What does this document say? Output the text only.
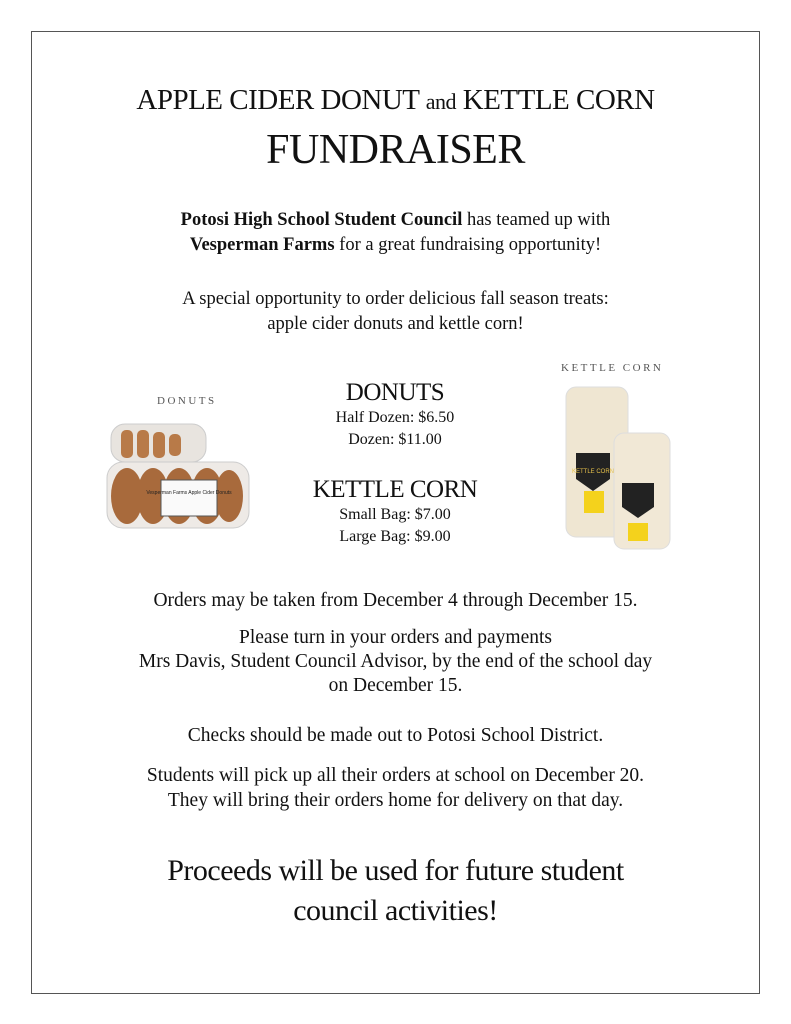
APPLE CIDER DONUT and KETTLE CORN
FUNDRAISER
Potosi High School Student Council has teamed up with
Vesperman Farms for a great fundraising opportunity!
A special opportunity to order delicious fall season treats:
apple cider donuts and kettle corn!
DONUTS
KETTLE CORN
Vesperman Farms Apple Cider Donuts
KETTLE CORN
DONUTS
Half Dozen: $6.50
Dozen: $11.00
KETTLE CORN
Small Bag: $7.00
Large Bag: $9.00
Orders may be taken from December 4 through December 15.
Please turn in your orders and payments
Mrs Davis, Student Council Advisor, by the end of the school day
on December 15.
Checks should be made out to Potosi School District.
Students will pick up all their orders at school on December 20.
They will bring their orders home for delivery on that day.
Proceeds will be used for future student
council activities!
